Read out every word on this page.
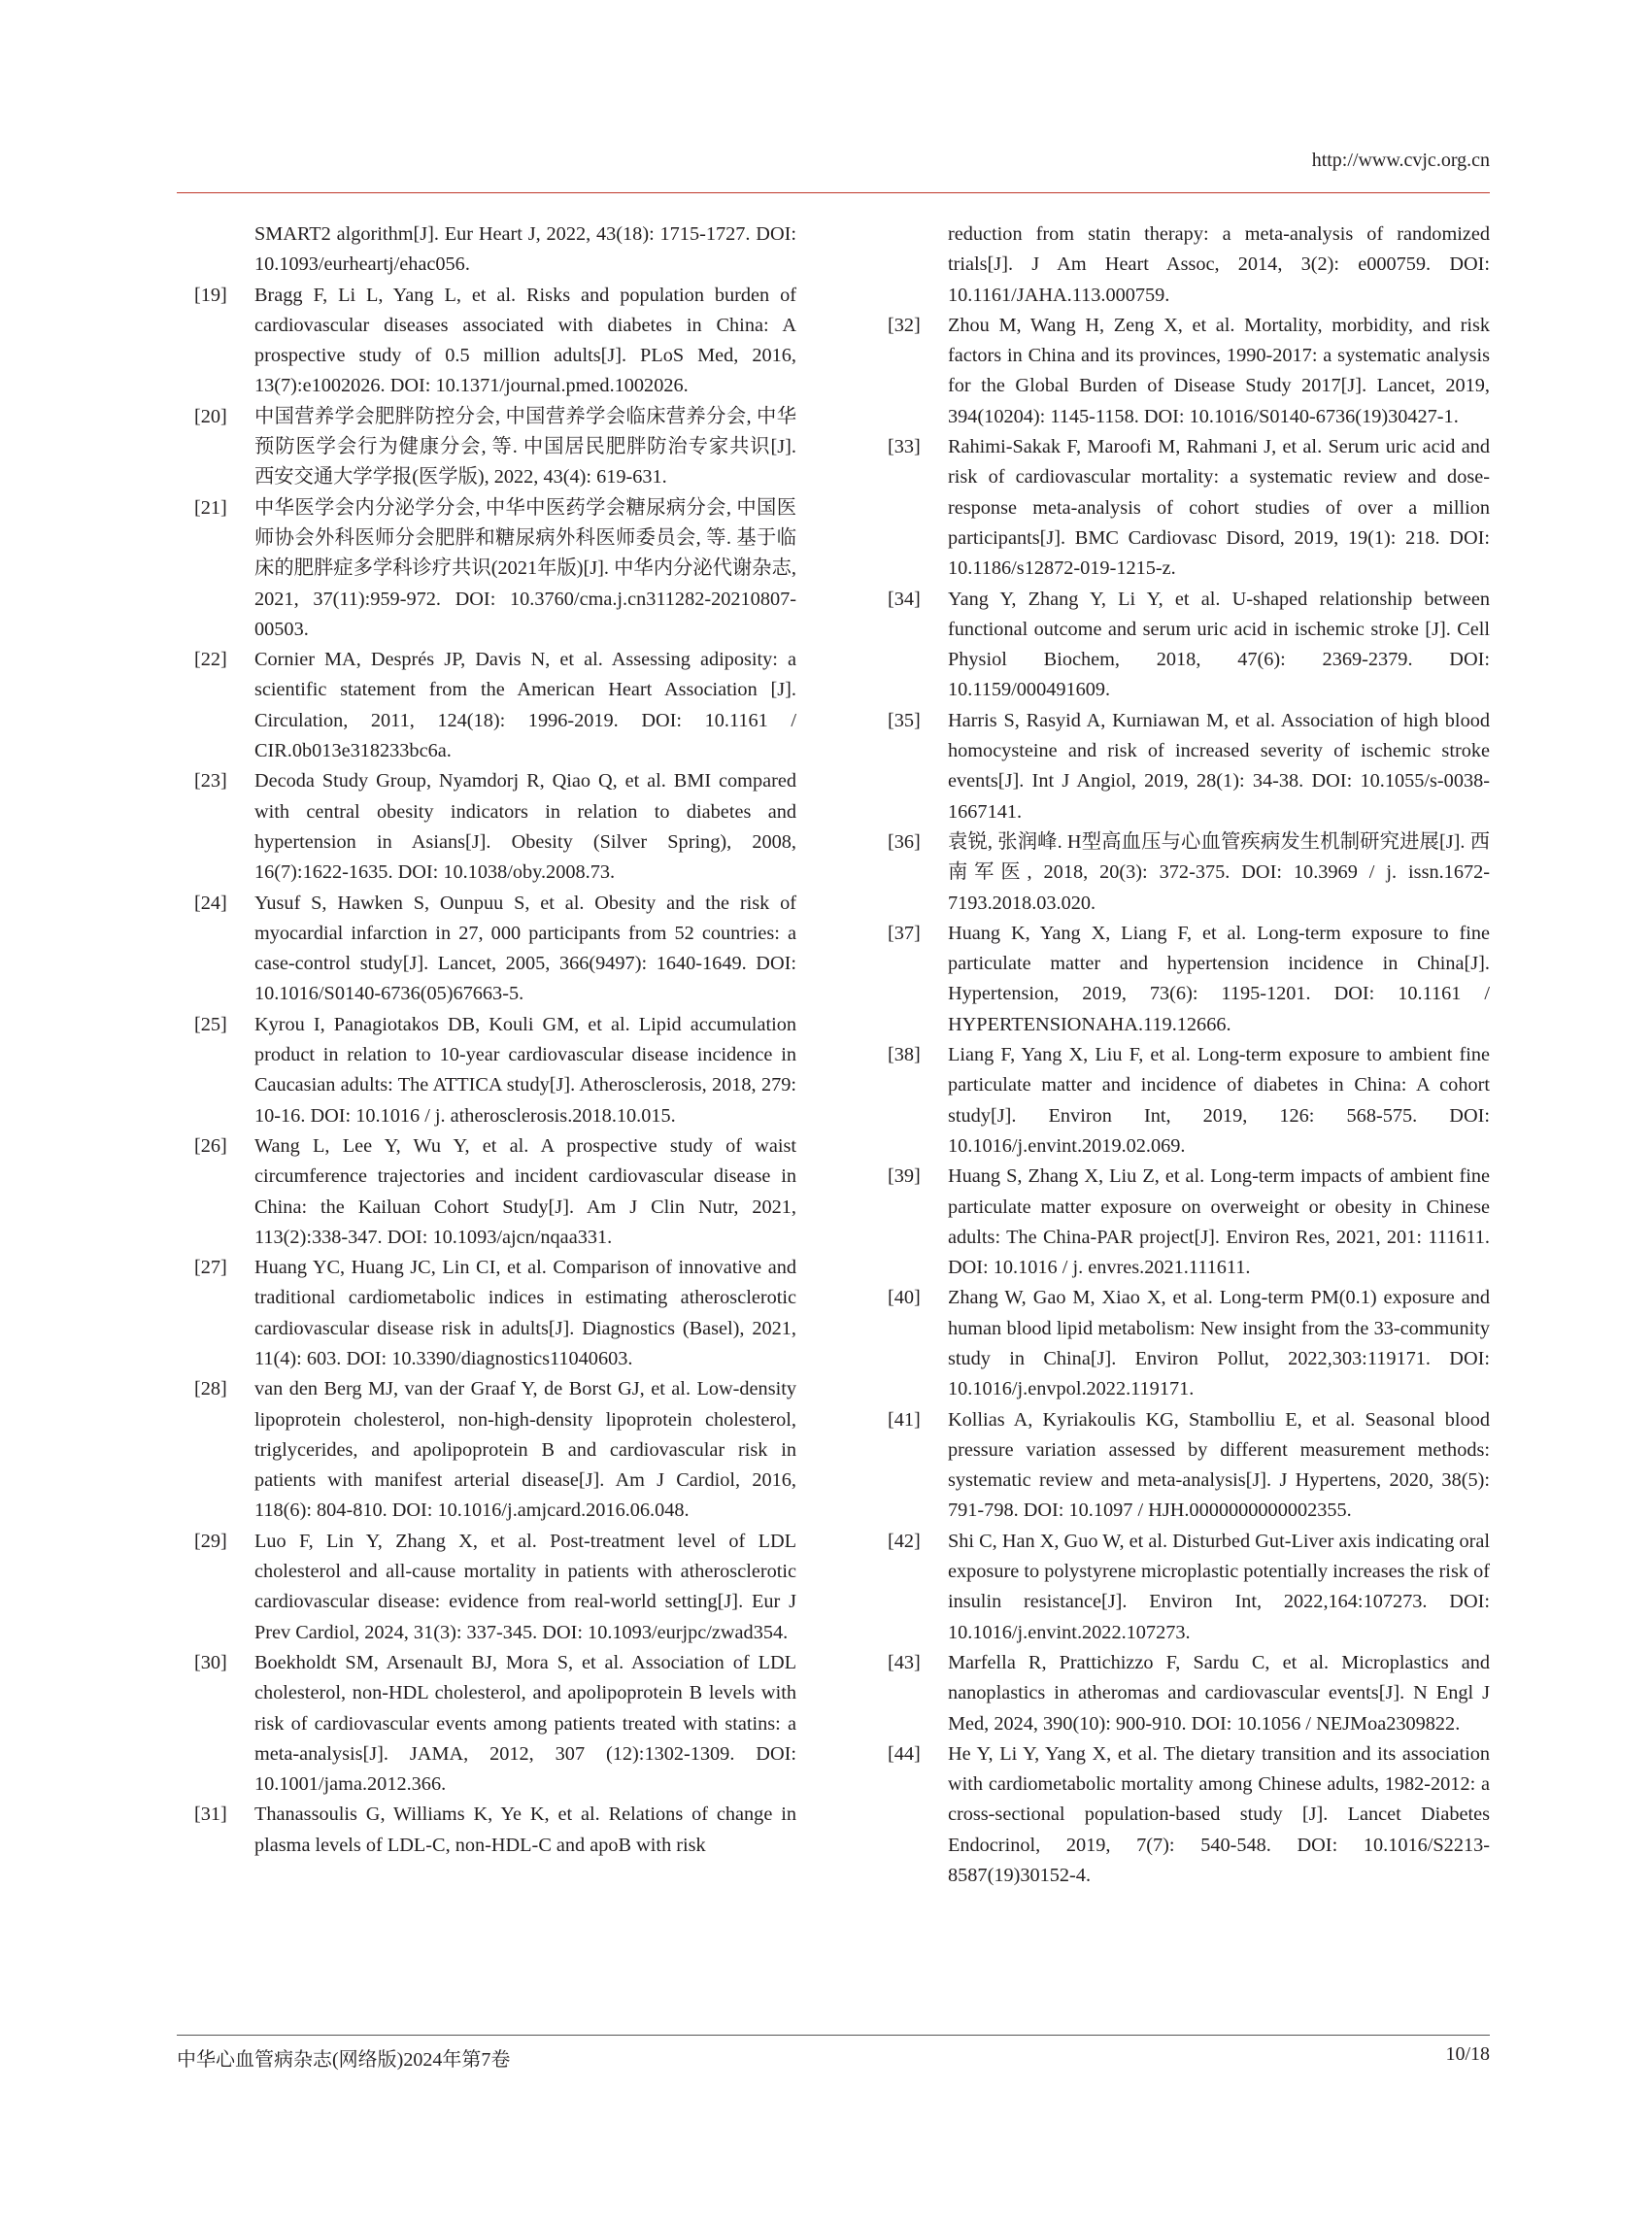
http://www.cvjc.org.cn
SMART2 algorithm[J]. Eur Heart J, 2022, 43(18): 1715-1727. DOI: 10.1093/eurheartj/ehac056.
[19] Bragg F, Li L, Yang L, et al. Risks and population burden of cardiovascular diseases associated with diabetes in China: A prospective study of 0.5 million adults[J]. PLoS Med, 2016, 13(7):e1002026. DOI: 10.1371/journal.pmed.1002026.
[20] 中国营养学会肥胖防控分会, 中国营养学会临床营养分会, 中华预防医学会行为健康分会, 等. 中国居民肥胖防治专家共识[J]. 西安交通大学学报(医学版), 2022, 43(4): 619-631.
[21] 中华医学会内分泌学分会, 中华中医药学会糖尿病分会, 中国医师协会外科医师分会肥胖和糖尿病外科医师委员会, 等. 基于临床的肥胖症多学科诊疗共识(2021年版)[J]. 中华内分泌代谢杂志, 2021, 37(11):959-972. DOI: 10.3760/cma.j.cn311282-20210807-00503.
[22] Cornier MA, Després JP, Davis N, et al. Assessing adiposity: a scientific statement from the American Heart Association [J]. Circulation, 2011, 124(18): 1996-2019. DOI: 10.1161 / CIR.0b013e318233bc6a.
[23] Decoda Study Group, Nyamdorj R, Qiao Q, et al. BMI compared with central obesity indicators in relation to diabetes and hypertension in Asians[J]. Obesity (Silver Spring), 2008, 16(7):1622-1635. DOI: 10.1038/oby.2008.73.
[24] Yusuf S, Hawken S, Ounpuu S, et al. Obesity and the risk of myocardial infarction in 27, 000 participants from 52 countries: a case-control study[J]. Lancet, 2005, 366(9497): 1640-1649. DOI: 10.1016/S0140-6736(05)67663-5.
[25] Kyrou I, Panagiotakos DB, Kouli GM, et al. Lipid accumulation product in relation to 10-year cardiovascular disease incidence in Caucasian adults: The ATTICA study[J]. Atherosclerosis, 2018, 279: 10-16. DOI: 10.1016 / j. atherosclerosis.2018.10.015.
[26] Wang L, Lee Y, Wu Y, et al. A prospective study of waist circumference trajectories and incident cardiovascular disease in China: the Kailuan Cohort Study[J]. Am J Clin Nutr, 2021, 113(2):338-347. DOI: 10.1093/ajcn/nqaa331.
[27] Huang YC, Huang JC, Lin CI, et al. Comparison of innovative and traditional cardiometabolic indices in estimating atherosclerotic cardiovascular disease risk in adults[J]. Diagnostics (Basel), 2021, 11(4): 603. DOI: 10.3390/diagnostics11040603.
[28] van den Berg MJ, van der Graaf Y, de Borst GJ, et al. Low-density lipoprotein cholesterol, non-high-density lipoprotein cholesterol, triglycerides, and apolipoprotein B and cardiovascular risk in patients with manifest arterial disease[J]. Am J Cardiol, 2016, 118(6): 804-810. DOI: 10.1016/j.amjcard.2016.06.048.
[29] Luo F, Lin Y, Zhang X, et al. Post-treatment level of LDL cholesterol and all-cause mortality in patients with atherosclerotic cardiovascular disease: evidence from real-world setting[J]. Eur J Prev Cardiol, 2024, 31(3): 337-345. DOI: 10.1093/eurjpc/zwad354.
[30] Boekholdt SM, Arsenault BJ, Mora S, et al. Association of LDL cholesterol, non-HDL cholesterol, and apolipoprotein B levels with risk of cardiovascular events among patients treated with statins: a meta-analysis[J]. JAMA, 2012, 307 (12):1302-1309. DOI: 10.1001/jama.2012.366.
[31] Thanassoulis G, Williams K, Ye K, et al. Relations of change in plasma levels of LDL-C, non-HDL-C and apoB with risk
reduction from statin therapy: a meta-analysis of randomized trials[J]. J Am Heart Assoc, 2014, 3(2): e000759. DOI: 10.1161/JAHA.113.000759.
[32] Zhou M, Wang H, Zeng X, et al. Mortality, morbidity, and risk factors in China and its provinces, 1990-2017: a systematic analysis for the Global Burden of Disease Study 2017[J]. Lancet, 2019, 394(10204): 1145-1158. DOI: 10.1016/S0140-6736(19)30427-1.
[33] Rahimi-Sakak F, Maroofi M, Rahmani J, et al. Serum uric acid and risk of cardiovascular mortality: a systematic review and dose-response meta-analysis of cohort studies of over a million participants[J]. BMC Cardiovasc Disord, 2019, 19(1): 218. DOI: 10.1186/s12872-019-1215-z.
[34] Yang Y, Zhang Y, Li Y, et al. U-shaped relationship between functional outcome and serum uric acid in ischemic stroke [J]. Cell Physiol Biochem, 2018, 47(6): 2369-2379. DOI: 10.1159/000491609.
[35] Harris S, Rasyid A, Kurniawan M, et al. Association of high blood homocysteine and risk of increased severity of ischemic stroke events[J]. Int J Angiol, 2019, 28(1): 34-38. DOI: 10.1055/s-0038-1667141.
[36] 袁锐, 张润峰. H型高血压与心血管疾病发生机制研究进展[J]. 西南军医, 2018, 20(3): 372-375. DOI: 10.3969 / j. issn.1672-7193.2018.03.020.
[37] Huang K, Yang X, Liang F, et al. Long-term exposure to fine particulate matter and hypertension incidence in China[J]. Hypertension, 2019, 73(6): 1195-1201. DOI: 10.1161 / HYPERTENSIONAHA.119.12666.
[38] Liang F, Yang X, Liu F, et al. Long-term exposure to ambient fine particulate matter and incidence of diabetes in China: A cohort study[J]. Environ Int, 2019, 126: 568-575. DOI: 10.1016/j.envint.2019.02.069.
[39] Huang S, Zhang X, Liu Z, et al. Long-term impacts of ambient fine particulate matter exposure on overweight or obesity in Chinese adults: The China-PAR project[J]. Environ Res, 2021, 201: 111611. DOI: 10.1016 / j. envres.2021.111611.
[40] Zhang W, Gao M, Xiao X, et al. Long-term PM(0.1) exposure and human blood lipid metabolism: New insight from the 33-community study in China[J]. Environ Pollut, 2022,303:119171. DOI: 10.1016/j.envpol.2022.119171.
[41] Kollias A, Kyriakoulis KG, Stambolliu E, et al. Seasonal blood pressure variation assessed by different measurement methods: systematic review and meta-analysis[J]. J Hypertens, 2020, 38(5): 791-798. DOI: 10.1097 / HJH.0000000000002355.
[42] Shi C, Han X, Guo W, et al. Disturbed Gut-Liver axis indicating oral exposure to polystyrene microplastic potentially increases the risk of insulin resistance[J]. Environ Int, 2022,164:107273. DOI: 10.1016/j.envint.2022.107273.
[43] Marfella R, Prattichizzo F, Sardu C, et al. Microplastics and nanoplastics in atheromas and cardiovascular events[J]. N Engl J Med, 2024, 390(10): 900-910. DOI: 10.1056 / NEJMoa2309822.
[44] He Y, Li Y, Yang X, et al. The dietary transition and its association with cardiometabolic mortality among Chinese adults, 1982-2012: a cross-sectional population-based study [J]. Lancet Diabetes Endocrinol, 2019, 7(7): 540-548. DOI: 10.1016/S2213-8587(19)30152-4.
中华心血管病杂志(网络版)2024年第7卷	10/18
